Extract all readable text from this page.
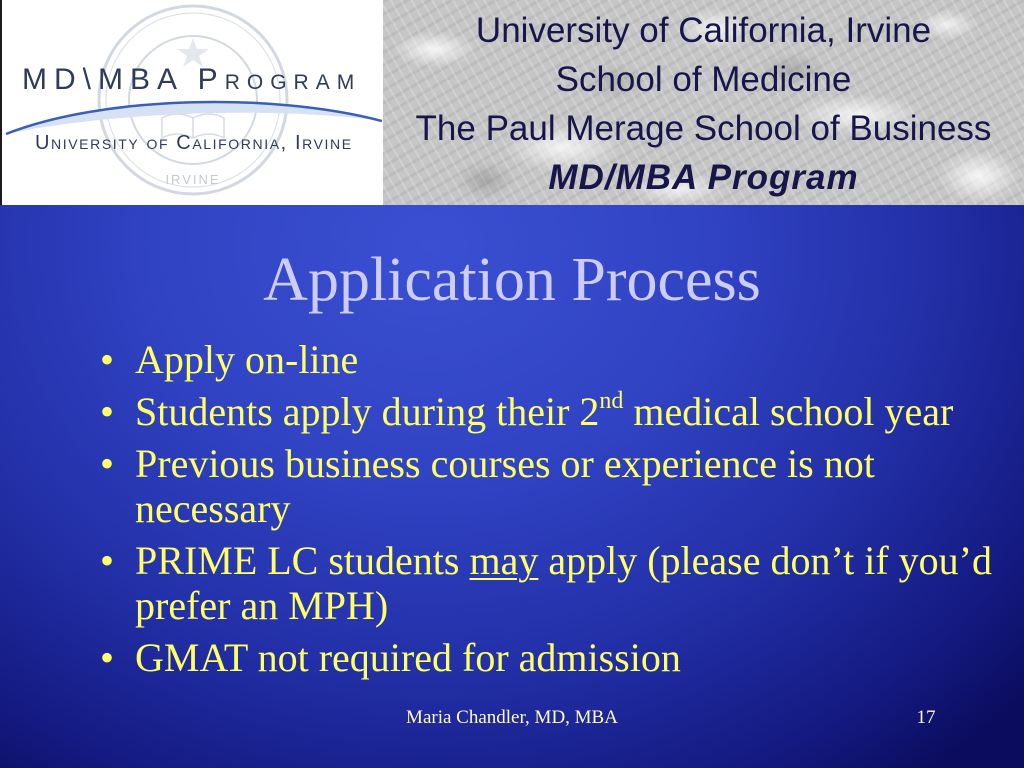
IRVINE
MD\MBA Program
University of California, Irvine
University of California, Irvine
School of Medicine
The Paul Merage School of Business
MD/MBA Program
Application Process
• Apply on-line
• Students apply during their 2nd medical school year
• Previous business courses or experience is not necessary
• PRIME LC students may apply (please don’t if you’d prefer an MPH)
• GMAT not required for admission
Maria Chandler, MD, MBA	17
